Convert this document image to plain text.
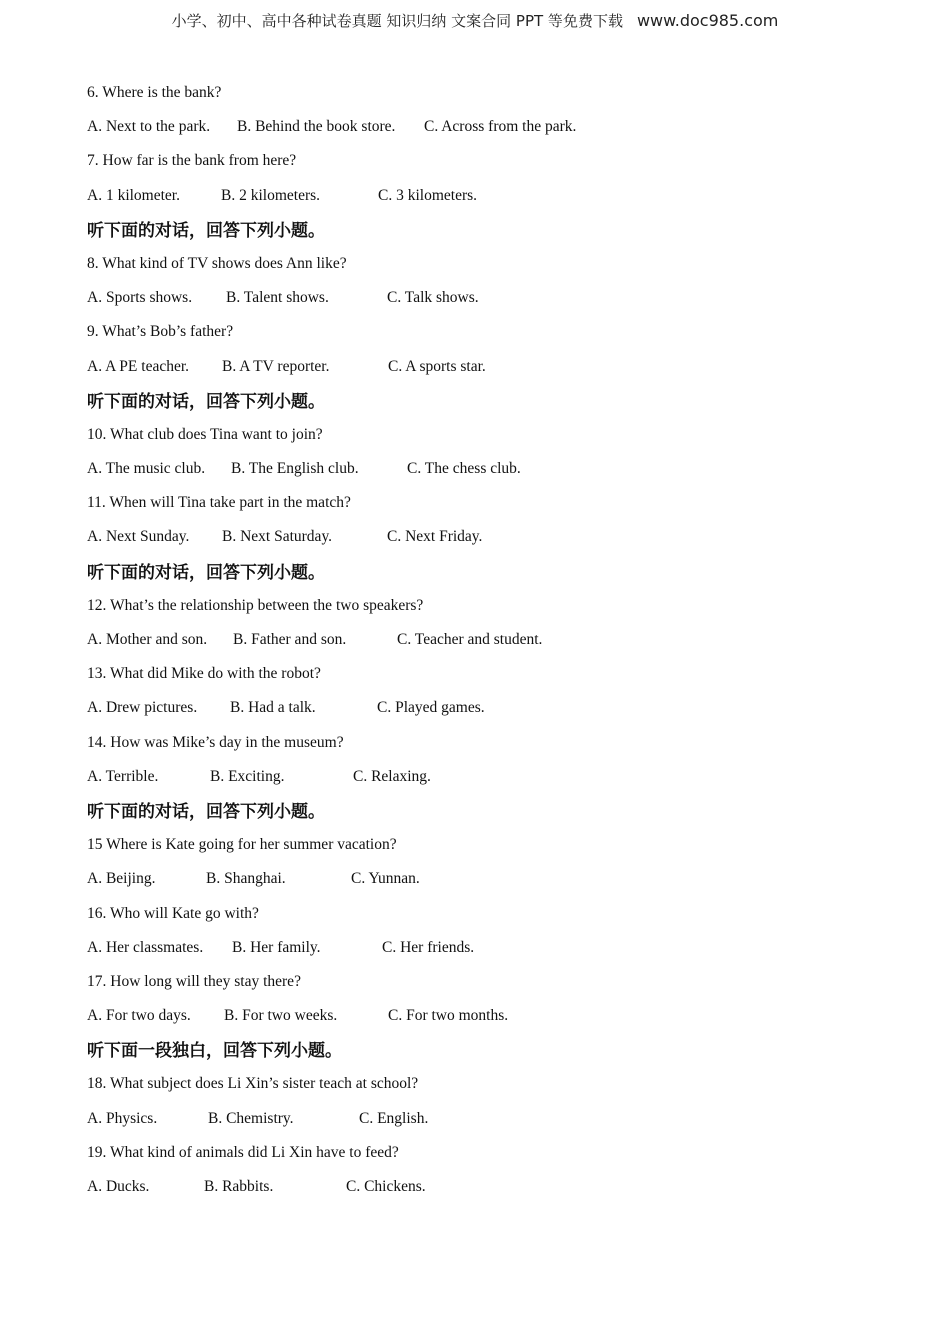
小学、初中、高中各种试卷真题 知识归纳 文案合同 PPT 等免费下载 www.doc985.com
6. Where is the bank?
A. Next to the park. B. Behind the book store. C. Across from the park.
7. How far is the bank from here?
A. 1 kilometer.	B. 2 kilometers.	C. 3 kilometers.
听下面的对话，回答下列小题。
8. What kind of TV shows does Ann like?
A. Sports shows. B. Talent shows.	C. Talk shows.
9. What’s Bob’s father?
A. A PE teacher. B. A TV reporter.	C. A sports star.
听下面的对话，回答下列小题。
10. What club does Tina want to join?
A. The music club. B. The English club.	C. The chess club.
11. When will Tina take part in the match?
A. Next Sunday. B. Next Saturday.	C. Next Friday.
听下面的对话，回答下列小题。
12. What’s the relationship between the two speakers?
A. Mother and son. B. Father and son.	C. Teacher and student.
13. What did Mike do with the robot?
A. Drew pictures. B. Had a talk.	C. Played games.
14. How was Mike’s day in the museum?
A. Terrible.	B. Exciting.	C. Relaxing.
听下面的对话，回答下列小题。
15 Where is Kate going for her summer vacation?
A. Beijing.	B. Shanghai.	C. Yunnan.
16. Who will Kate go with?
A. Her classmates. B. Her family.	C. Her friends.
17. How long will they stay there?
A. For two days. B. For two weeks.	C. For two months.
听下面一段独白，回答下列小题。
18. What subject does Li Xin’s sister teach at school?
A. Physics.	B. Chemistry.	C. English.
19. What kind of animals did Li Xin have to feed?
A. Ducks.	B. Rabbits.	C. Chickens.
